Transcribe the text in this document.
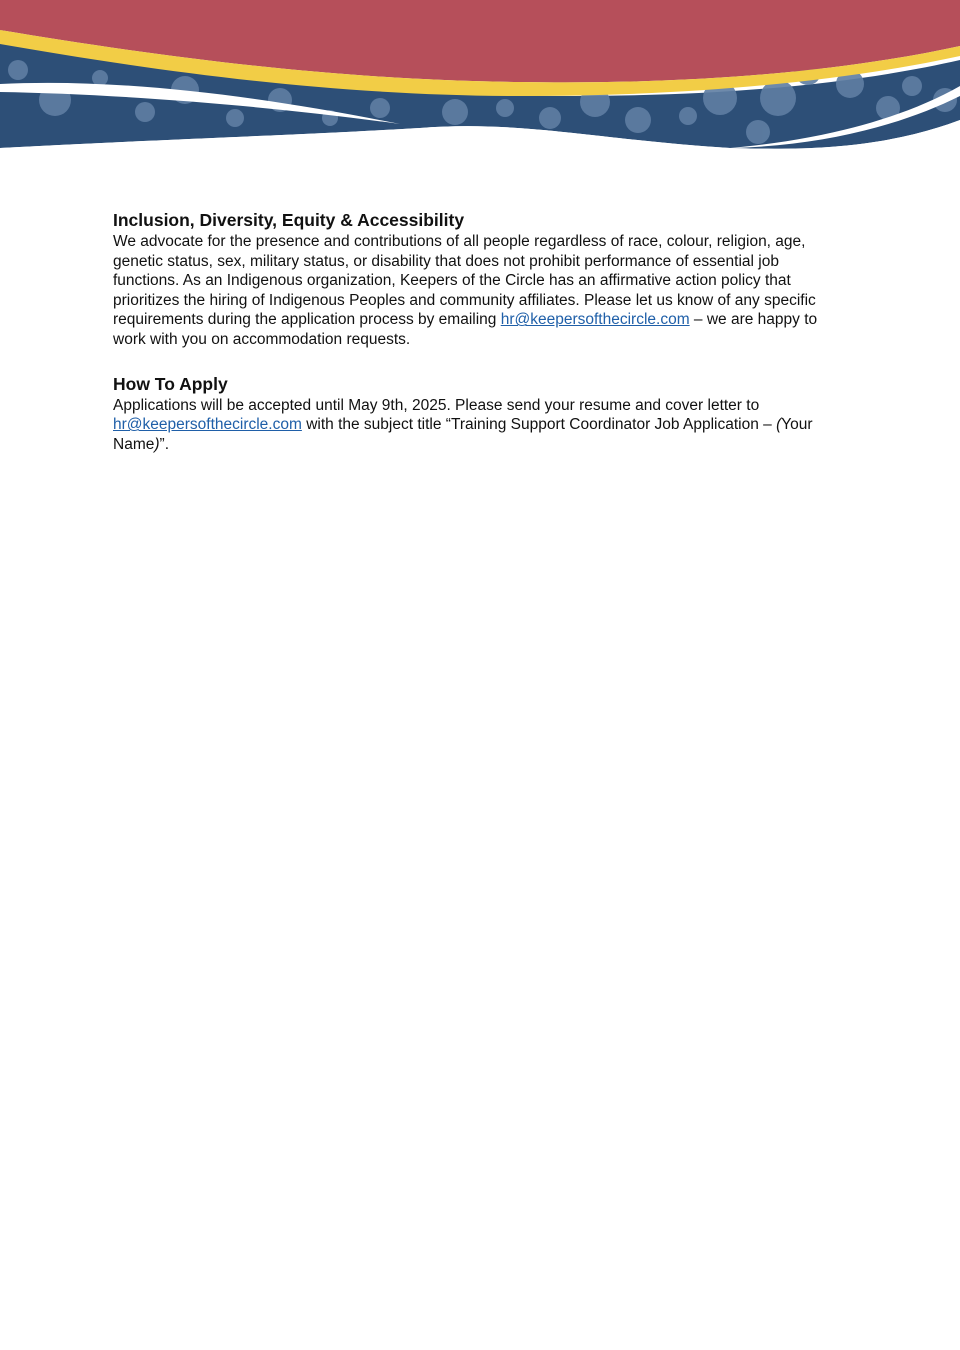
Inclusion, Diversity, Equity & Accessibility

We advocate for the presence and contributions of all people regardless of race, colour, religion, age, genetic status, sex, military status, or disability that does not prohibit performance of essential job functions. As an Indigenous organization, Keepers of the Circle has an affirmative action policy that prioritizes the hiring of Indigenous Peoples and community affiliates. Please let us know of any specific requirements during the application process by emailing hr@keepersofthecircle.com – we are happy to work with you on accommodation requests.

How To Apply

Applications will be accepted until May 9th, 2025. Please send your resume and cover letter to hr@keepersofthecircle.com with the subject title “Training Support Coordinator Job Application – (Your Name)”.
